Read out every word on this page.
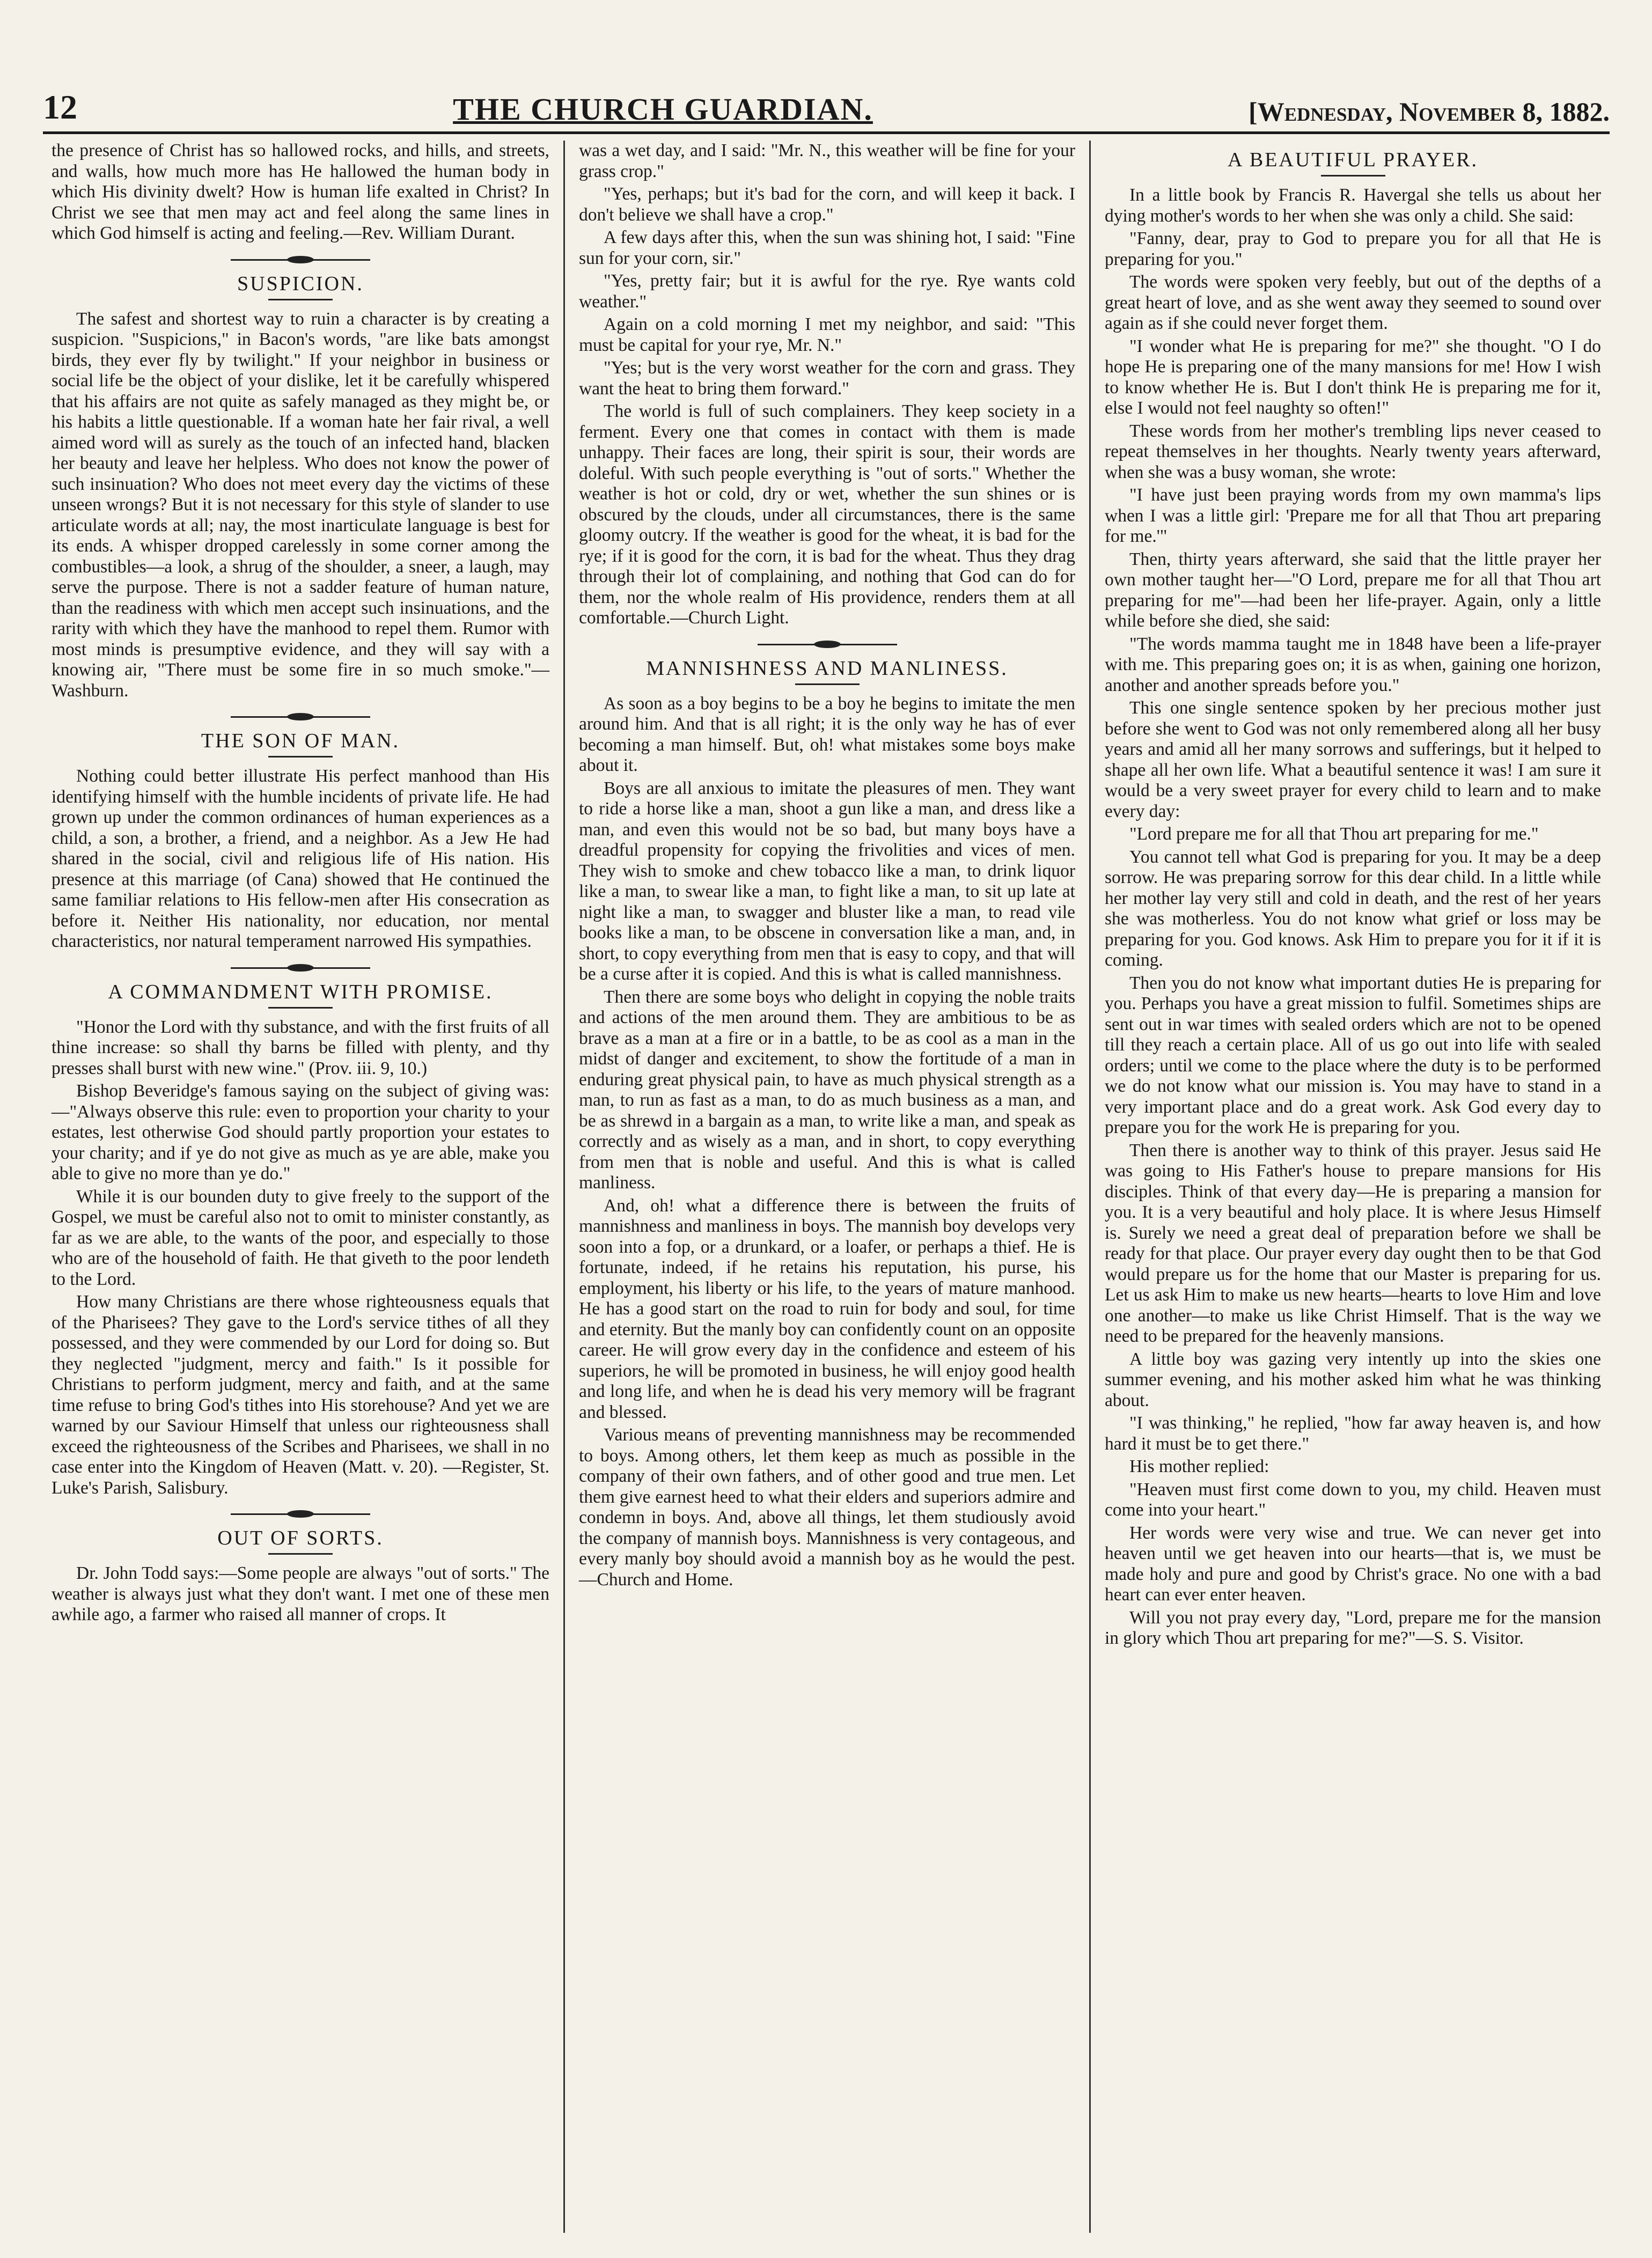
12	THE CHURCH GUARDIAN.	[Wednesday, November 8, 1882.

the presence of Christ has so hallowed rocks, and hills, and streets, and walls, how much more has He hallowed the human body in which His divinity dwelt? How is human life exalted in Christ? In Christ we see that men may act and feel along the same lines in which God himself is acting and feeling.—Rev. William Durant.

SUSPICION.

The safest and shortest way to ruin a character is by creating a suspicion. "Suspicions," in Bacon's words, "are like bats amongst birds, they ever fly by twilight." If your neighbor in business or social life be the object of your dislike, let it be carefully whispered that his affairs are not quite as safely managed as they might be, or his habits a little questionable. If a woman hate her fair rival, a well aimed word will as surely as the touch of an infected hand, blacken her beauty and leave her helpless. Who does not know the power of such insinuation? Who does not meet every day the victims of these unseen wrongs? But it is not necessary for this style of slander to use articulate words at all; nay, the most inarticulate language is best for its ends. A whisper dropped carelessly in some corner among the combustibles—a look, a shrug of the shoulder, a sneer, a laugh, may serve the purpose. There is not a sadder feature of human nature, than the readiness with which men accept such insinuations, and the rarity with which they have the manhood to repel them. Rumor with most minds is presumptive evidence, and they will say with a knowing air, "There must be some fire in so much smoke."—Washburn.

THE SON OF MAN.

Nothing could better illustrate His perfect manhood than His identifying himself with the humble incidents of private life. He had grown up under the common ordinances of human experiences as a child, a son, a brother, a friend, and a neighbor. As a Jew He had shared in the social, civil and religious life of His nation. His presence at this marriage (of Cana) showed that He continued the same familiar relations to His fellow-men after His consecration as before it. Neither His nationality, nor education, nor mental characteristics, nor natural temperament narrowed His sympathies.

A COMMANDMENT WITH PROMISE.

"Honor the Lord with thy substance, and with the first fruits of all thine increase: so shall thy barns be filled with plenty, and thy presses shall burst with new wine." (Prov. iii. 9, 10.)

Bishop Beveridge's famous saying on the subject of giving was:—"Always observe this rule: even to proportion your charity to your estates, lest otherwise God should partly proportion your estates to your charity; and if ye do not give as much as ye are able, make you able to give no more than ye do."

While it is our bounden duty to give freely to the support of the Gospel, we must be careful also not to omit to minister constantly, as far as we are able, to the wants of the poor, and especially to those who are of the household of faith. He that giveth to the poor lendeth to the Lord.

How many Christians are there whose righteousness equals that of the Pharisees? They gave to the Lord's service tithes of all they possessed, and they were commended by our Lord for doing so. But they neglected "judgment, mercy and faith." Is it possible for Christians to perform judgment, mercy and faith, and at the same time refuse to bring God's tithes into His storehouse? And yet we are warned by our Saviour Himself that unless our righteousness shall exceed the righteousness of the Scribes and Pharisees, we shall in no case enter into the Kingdom of Heaven (Matt. v. 20). —Register, St. Luke's Parish, Salisbury.

OUT OF SORTS.

Dr. John Todd says:—Some people are always "out of sorts." The weather is always just what they don't want. I met one of these men awhile ago, a farmer who raised all manner of crops. It

was a wet day, and I said: "Mr. N., this weather will be fine for your grass crop."

"Yes, perhaps; but it's bad for the corn, and will keep it back. I don't believe we shall have a crop."

A few days after this, when the sun was shining hot, I said: "Fine sun for your corn, sir."

"Yes, pretty fair; but it is awful for the rye. Rye wants cold weather."

Again on a cold morning I met my neighbor, and said: "This must be capital for your rye, Mr. N."

"Yes; but is the very worst weather for the corn and grass. They want the heat to bring them forward."

The world is full of such complainers. They keep society in a ferment. Every one that comes in contact with them is made unhappy. Their faces are long, their spirit is sour, their words are doleful. With such people everything is "out of sorts." Whether the weather is hot or cold, dry or wet, whether the sun shines or is obscured by the clouds, under all circumstances, there is the same gloomy outcry. If the weather is good for the wheat, it is bad for the rye; if it is good for the corn, it is bad for the wheat. Thus they drag through their lot of complaining, and nothing that God can do for them, nor the whole realm of His providence, renders them at all comfortable.—Church Light.

MANNISHNESS AND MANLINESS.

As soon as a boy begins to be a boy he begins to imitate the men around him. And that is all right; it is the only way he has of ever becoming a man himself. But, oh! what mistakes some boys make about it.

Boys are all anxious to imitate the pleasures of men. They want to ride a horse like a man, shoot a gun like a man, and dress like a man, and even this would not be so bad, but many boys have a dreadful propensity for copying the frivolities and vices of men. They wish to smoke and chew tobacco like a man, to drink liquor like a man, to swear like a man, to fight like a man, to sit up late at night like a man, to swagger and bluster like a man, to read vile books like a man, to be obscene in conversation like a man, and, in short, to copy everything from men that is easy to copy, and that will be a curse after it is copied. And this is what is called mannishness.

Then there are some boys who delight in copying the noble traits and actions of the men around them. They are ambitious to be as brave as a man at a fire or in a battle, to be as cool as a man in the midst of danger and excitement, to show the fortitude of a man in enduring great physical pain, to have as much physical strength as a man, to run as fast as a man, to do as much business as a man, and be as shrewd in a bargain as a man, to write like a man, and speak as correctly and as wisely as a man, and in short, to copy everything from men that is noble and useful. And this is what is called manliness.

And, oh! what a difference there is between the fruits of mannishness and manliness in boys. The mannish boy develops very soon into a fop, or a drunkard, or a loafer, or perhaps a thief. He is fortunate, indeed, if he retains his reputation, his purse, his employment, his liberty or his life, to the years of mature manhood. He has a good start on the road to ruin for body and soul, for time and eternity. But the manly boy can confidently count on an opposite career. He will grow every day in the confidence and esteem of his superiors, he will be promoted in business, he will enjoy good health and long life, and when he is dead his very memory will be fragrant and blessed.

Various means of preventing mannishness may be recommended to boys. Among others, let them keep as much as possible in the company of their own fathers, and of other good and true men. Let them give earnest heed to what their elders and superiors admire and condemn in boys. And, above all things, let them studiously avoid the company of mannish boys. Mannishness is very contageous, and every manly boy should avoid a mannish boy as he would the pest.—Church and Home.

A BEAUTIFUL PRAYER.

In a little book by Francis R. Havergal she tells us about her dying mother's words to her when she was only a child. She said:

"Fanny, dear, pray to God to prepare you for all that He is preparing for you."

The words were spoken very feebly, but out of the depths of a great heart of love, and as she went away they seemed to sound over again as if she could never forget them.

"I wonder what He is preparing for me?" she thought. "O I do hope He is preparing one of the many mansions for me! How I wish to know whether He is. But I don't think He is preparing me for it, else I would not feel naughty so often!"

These words from her mother's trembling lips never ceased to repeat themselves in her thoughts. Nearly twenty years afterward, when she was a busy woman, she wrote:

"I have just been praying words from my own mamma's lips when I was a little girl: 'Prepare me for all that Thou art preparing for me.'"

Then, thirty years afterward, she said that the little prayer her own mother taught her—"O Lord, prepare me for all that Thou art preparing for me"—had been her life-prayer. Again, only a little while before she died, she said:

"The words mamma taught me in 1848 have been a life-prayer with me. This preparing goes on; it is as when, gaining one horizon, another and another spreads before you."

This one single sentence spoken by her precious mother just before she went to God was not only remembered along all her busy years and amid all her many sorrows and sufferings, but it helped to shape all her own life. What a beautiful sentence it was! I am sure it would be a very sweet prayer for every child to learn and to make every day:

"Lord prepare me for all that Thou art preparing for me."

You cannot tell what God is preparing for you. It may be a deep sorrow. He was preparing sorrow for this dear child. In a little while her mother lay very still and cold in death, and the rest of her years she was motherless. You do not know what grief or loss may be preparing for you. God knows. Ask Him to prepare you for it if it is coming.

Then you do not know what important duties He is preparing for you. Perhaps you have a great mission to fulfil. Sometimes ships are sent out in war times with sealed orders which are not to be opened till they reach a certain place. All of us go out into life with sealed orders; until we come to the place where the duty is to be performed we do not know what our mission is. You may have to stand in a very important place and do a great work. Ask God every day to prepare you for the work He is preparing for you.

Then there is another way to think of this prayer. Jesus said He was going to His Father's house to prepare mansions for His disciples. Think of that every day—He is preparing a mansion for you. It is a very beautiful and holy place. It is where Jesus Himself is. Surely we need a great deal of preparation before we shall be ready for that place. Our prayer every day ought then to be that God would prepare us for the home that our Master is preparing for us. Let us ask Him to make us new hearts—hearts to love Him and love one another—to make us like Christ Himself. That is the way we need to be prepared for the heavenly mansions.

A little boy was gazing very intently up into the skies one summer evening, and his mother asked him what he was thinking about.

"I was thinking," he replied, "how far away heaven is, and how hard it must be to get there."

His mother replied:

"Heaven must first come down to you, my child. Heaven must come into your heart."

Her words were very wise and true. We can never get into heaven until we get heaven into our hearts—that is, we must be made holy and pure and good by Christ's grace. No one with a bad heart can ever enter heaven.

Will you not pray every day, "Lord, prepare me for the mansion in glory which Thou art preparing for me?"—S. S. Visitor.
